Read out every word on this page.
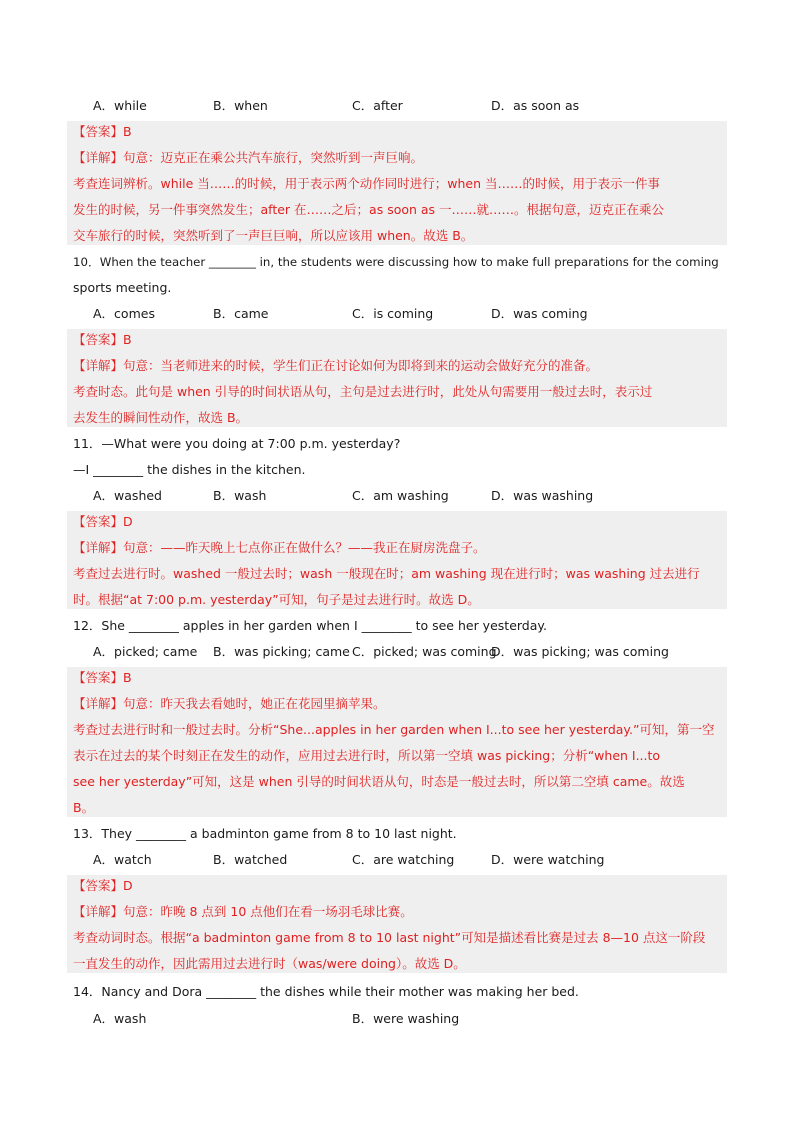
A．while	B．when	C．after	D．as soon as
【答案】B
【详解】句意：迈克正在乘公共汽车旅行，突然听到一声巨响。
考查连词辨析。while 当……的时候，用于表示两个动作同时进行；when 当……的时候，用于表示一件事
发生的时候，另一件事突然发生；after 在……之后；as soon as 一……就……。根据句意，迈克正在乘公
交车旅行的时候，突然听到了一声巨巨响，所以应该用 when。故选 B。
10．When the teacher ________ in, the students were discussing how to make full preparations for the coming
sports meeting.
A．comes	B．came	C．is coming	D．was coming
【答案】B
【详解】句意：当老师进来的时候，学生们正在讨论如何为即将到来的运动会做好充分的准备。
考查时态。此句是 when 引导的时间状语从句，主句是过去进行时，此处从句需要用一般过去时，表示过
去发生的瞬间性动作，故选 B。
11．—What were you doing at 7:00 p.m. yesterday?
—I ________ the dishes in the kitchen.
A．washed	B．wash	C．am washing	D．was washing
【答案】D
【详解】句意：——昨天晚上七点你正在做什么？——我正在厨房洗盘子。
考查过去进行时。washed 一般过去时；wash 一般现在时；am washing 现在进行时；was washing 过去进行
时。根据“at 7:00 p.m. yesterday”可知，句子是过去进行时。故选 D。
12．She ________ apples in her garden when I ________ to see her yesterday.
A．picked; came B．was picking; came C．picked; was coming
D．was picking; was coming
【答案】B
【详解】句意：昨天我去看她时，她正在花园里摘苹果。
考查过去进行时和一般过去时。分析“She...apples in her garden when I...to see her yesterday.”可知，第一空
表示在过去的某个时刻正在发生的动作，应用过去进行时，所以第一空填 was picking；分析“when I...to
see her yesterday”可知，这是 when 引导的时间状语从句，时态是一般过去时，所以第二空填 came。故选
B。
13．They ________ a badminton game from 8 to 10 last night.
A．watch	B．watched	C．are watching	D．were watching
【答案】D
【详解】句意：昨晚 8 点到 10 点他们在看一场羽毛球比赛。
考查动词时态。根据“a badminton game from 8 to 10 last night”可知是描述看比赛是过去 8—10 点这一阶段
一直发生的动作，因此需用过去进行时（was/were doing）。故选 D。
14．Nancy and Dora ________ the dishes while their mother was making her bed.
A．wash	B．were washing
